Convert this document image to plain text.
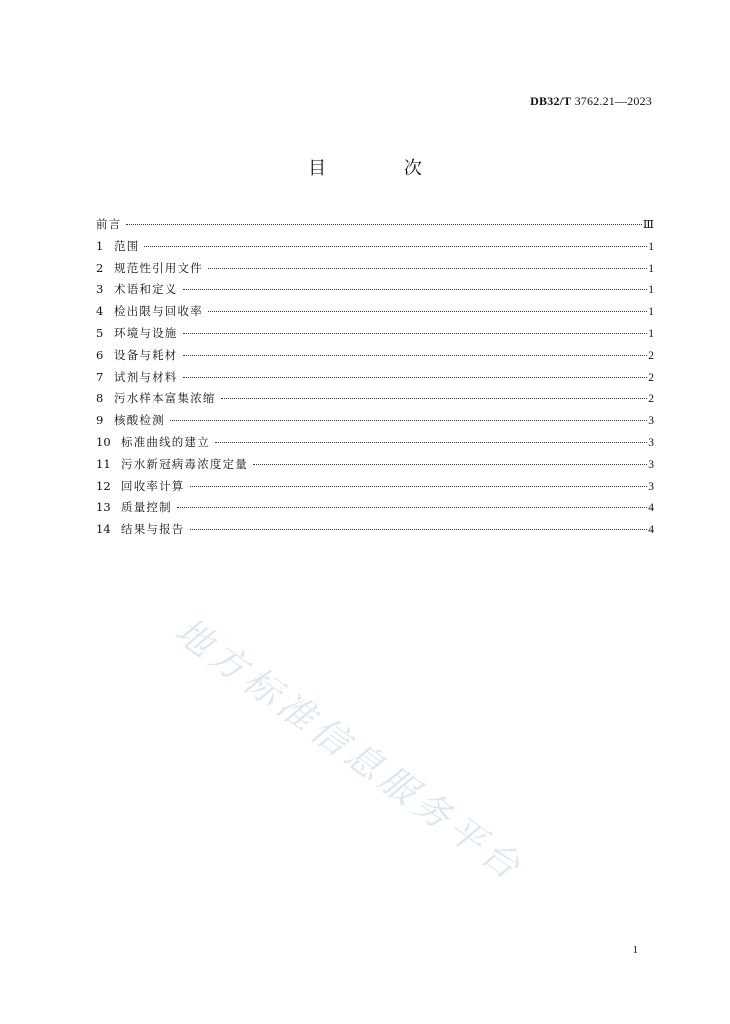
DB32/T 3762.21—2023
目 次
前言	Ⅲ
1 范围	1
2 规范性引用文件	1
3 术语和定义	1
4 检出限与回收率	1
5 环境与设施	1
6 设备与耗材	2
7 试剂与材料	2
8 污水样本富集浓缩	2
9 核酸检测	3
10 标准曲线的建立	3
11 污水新冠病毒浓度定量	3
12 回收率计算	3
13 质量控制	4
14 结果与报告	4
地方标准信息服务平台
1
